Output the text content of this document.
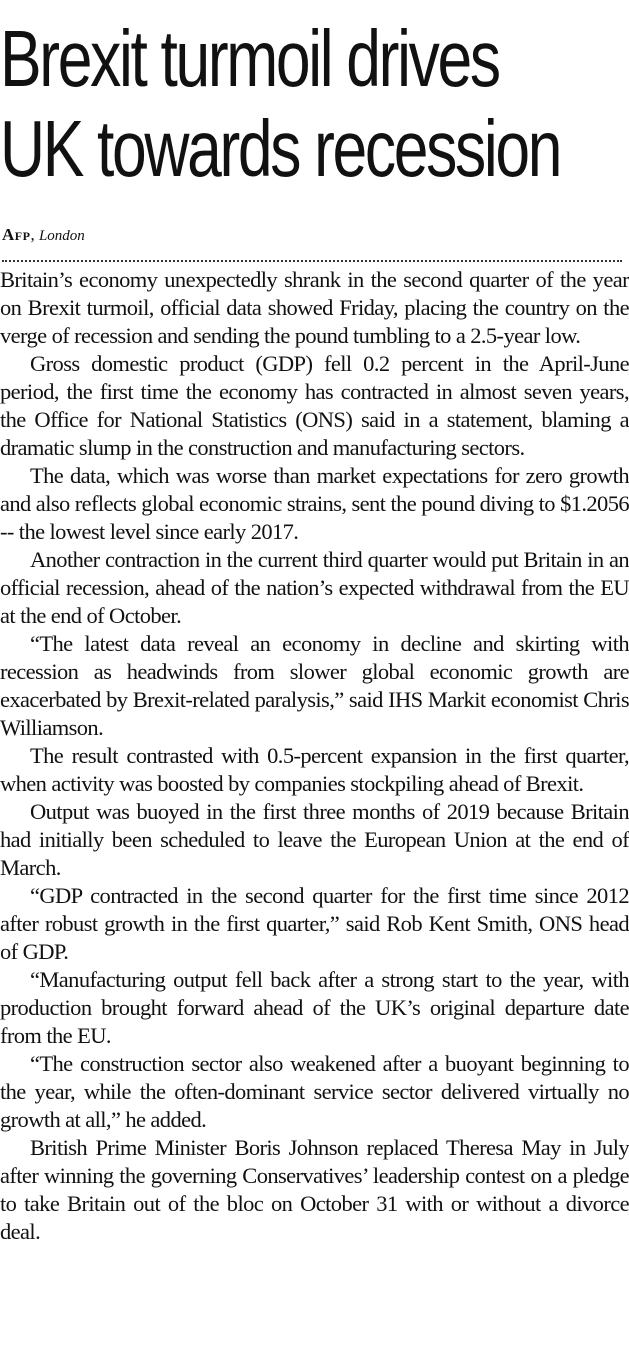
Brexit turmoil drives
UK towards recession
Afp, London

Britain’s economy unexpectedly shrank in the second quarter of the year on Brexit turmoil, official data showed Friday, placing the country on the verge of recession and sending the pound tumbling to a 2.5-year low.

Gross domestic product (GDP) fell 0.2 percent in the April-June period, the first time the economy has contracted in almost seven years, the Office for National Statistics (ONS) said in a statement, blaming a dramatic slump in the construction and manufacturing sectors.

The data, which was worse than market expectations for zero growth and also reflects global economic strains, sent the pound diving to $1.2056 -- the lowest level since early 2017.

Another contraction in the current third quarter would put Britain in an official recession, ahead of the nation’s expected withdrawal from the EU at the end of October.

“The latest data reveal an economy in decline and skirting with recession as headwinds from slower global economic growth are exacerbated by Brexit-related paralysis,” said IHS Markit economist Chris Williamson.

The result contrasted with 0.5-percent expansion in the first quarter, when activity was boosted by companies stockpiling ahead of Brexit.

Output was buoyed in the first three months of 2019 because Britain had initially been scheduled to leave the European Union at the end of March.

“GDP contracted in the second quarter for the first time since 2012 after robust growth in the first quarter,” said Rob Kent Smith, ONS head of GDP.

“Manufacturing output fell back after a strong start to the year, with production brought forward ahead of the UK’s original departure date from the EU.

“The construction sector also weakened after a buoyant beginning to the year, while the often-dominant service sector delivered virtually no growth at all,” he added.

British Prime Minister Boris Johnson replaced Theresa May in July after winning the governing Conservatives’ leadership contest on a pledge to take Britain out of the bloc on October 31 with or without a divorce deal.
